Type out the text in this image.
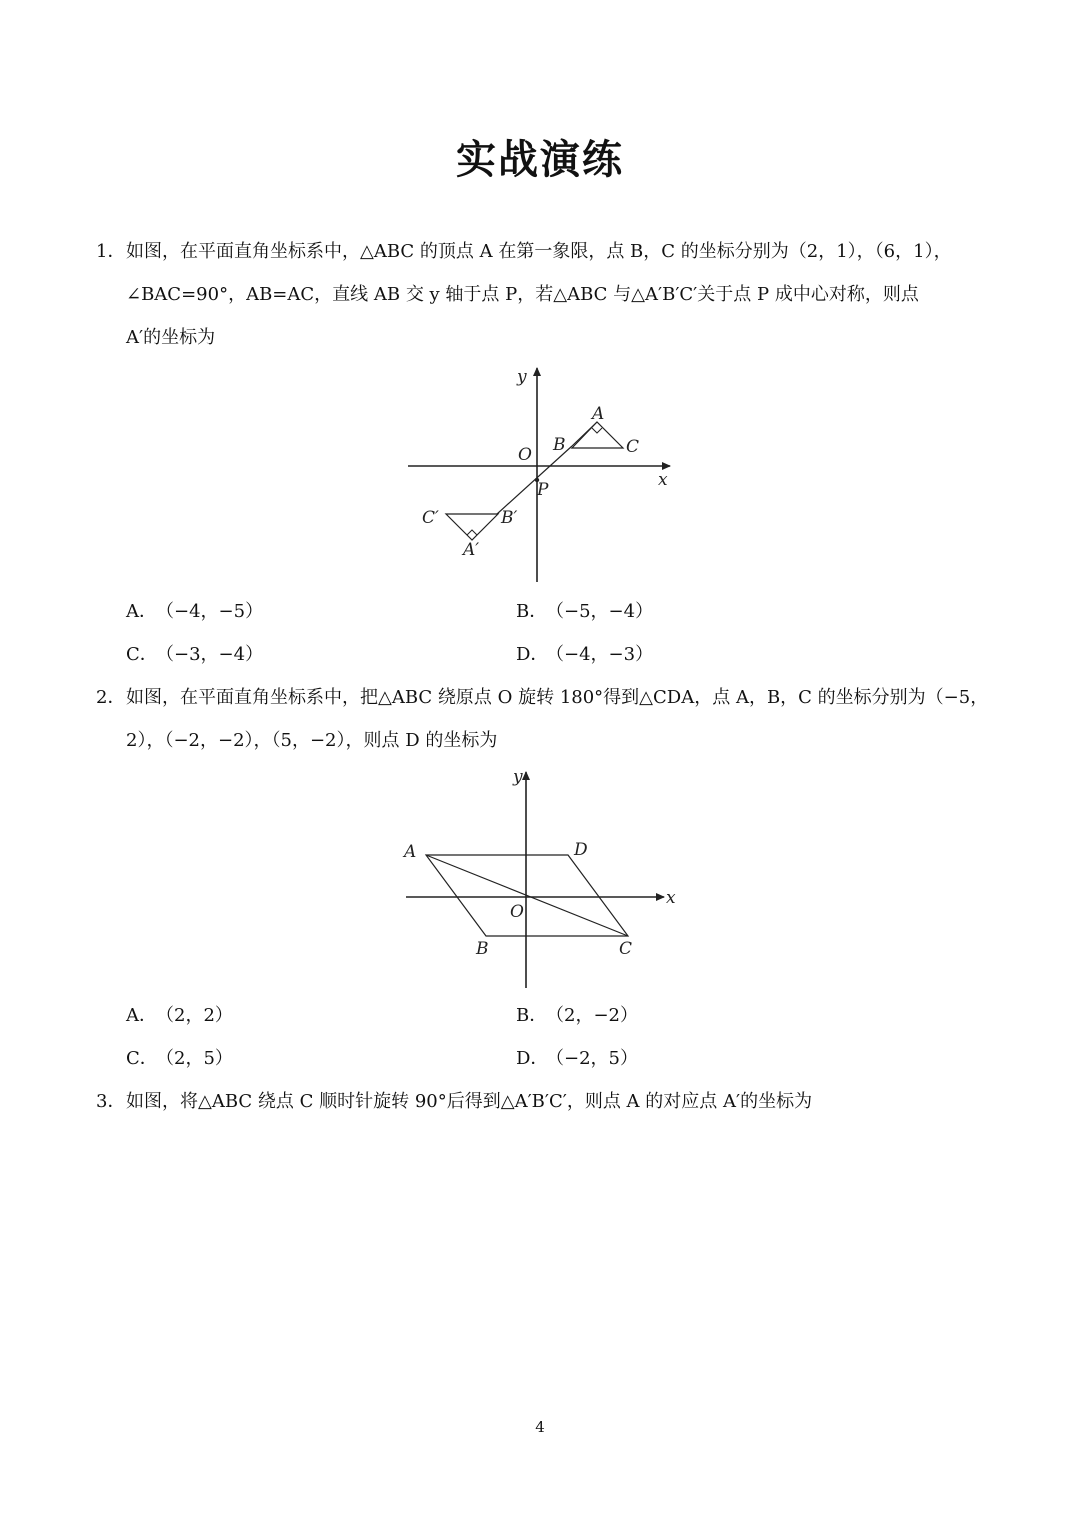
实战演练
1． 如图，在平面直角坐标系中，△ABC 的顶点 A 在第一象限，点 B，C 的坐标分别为（2，1），（6，1），
∠BAC=90°，AB=AC，直线 AB 交 y 轴于点 P，若△ABC 与△A′B′C′关于点 P 成中心对称，则点
A′的坐标为
y
x
O
A
B	C
P
A′
B′
C′
A．（−4，−5）	B．（−5，−4）
C．（−3，−4）	D．（−4，−3）
2． 如图，在平面直角坐标系中，把△ABC 绕原点 O 旋转 180°得到△CDA，点 A，B，C 的坐标分别为（−5，
2），（−2，−2），（5，−2），则点 D 的坐标为
y
x
O
A	D
B	C
A．（2，2）	B．（2，−2）
C．（2，5）	D．（−2，5）
3． 如图，将△ABC 绕点 C 顺时针旋转 90°后得到△A′B′C′，则点 A 的对应点 A′的坐标为
4
